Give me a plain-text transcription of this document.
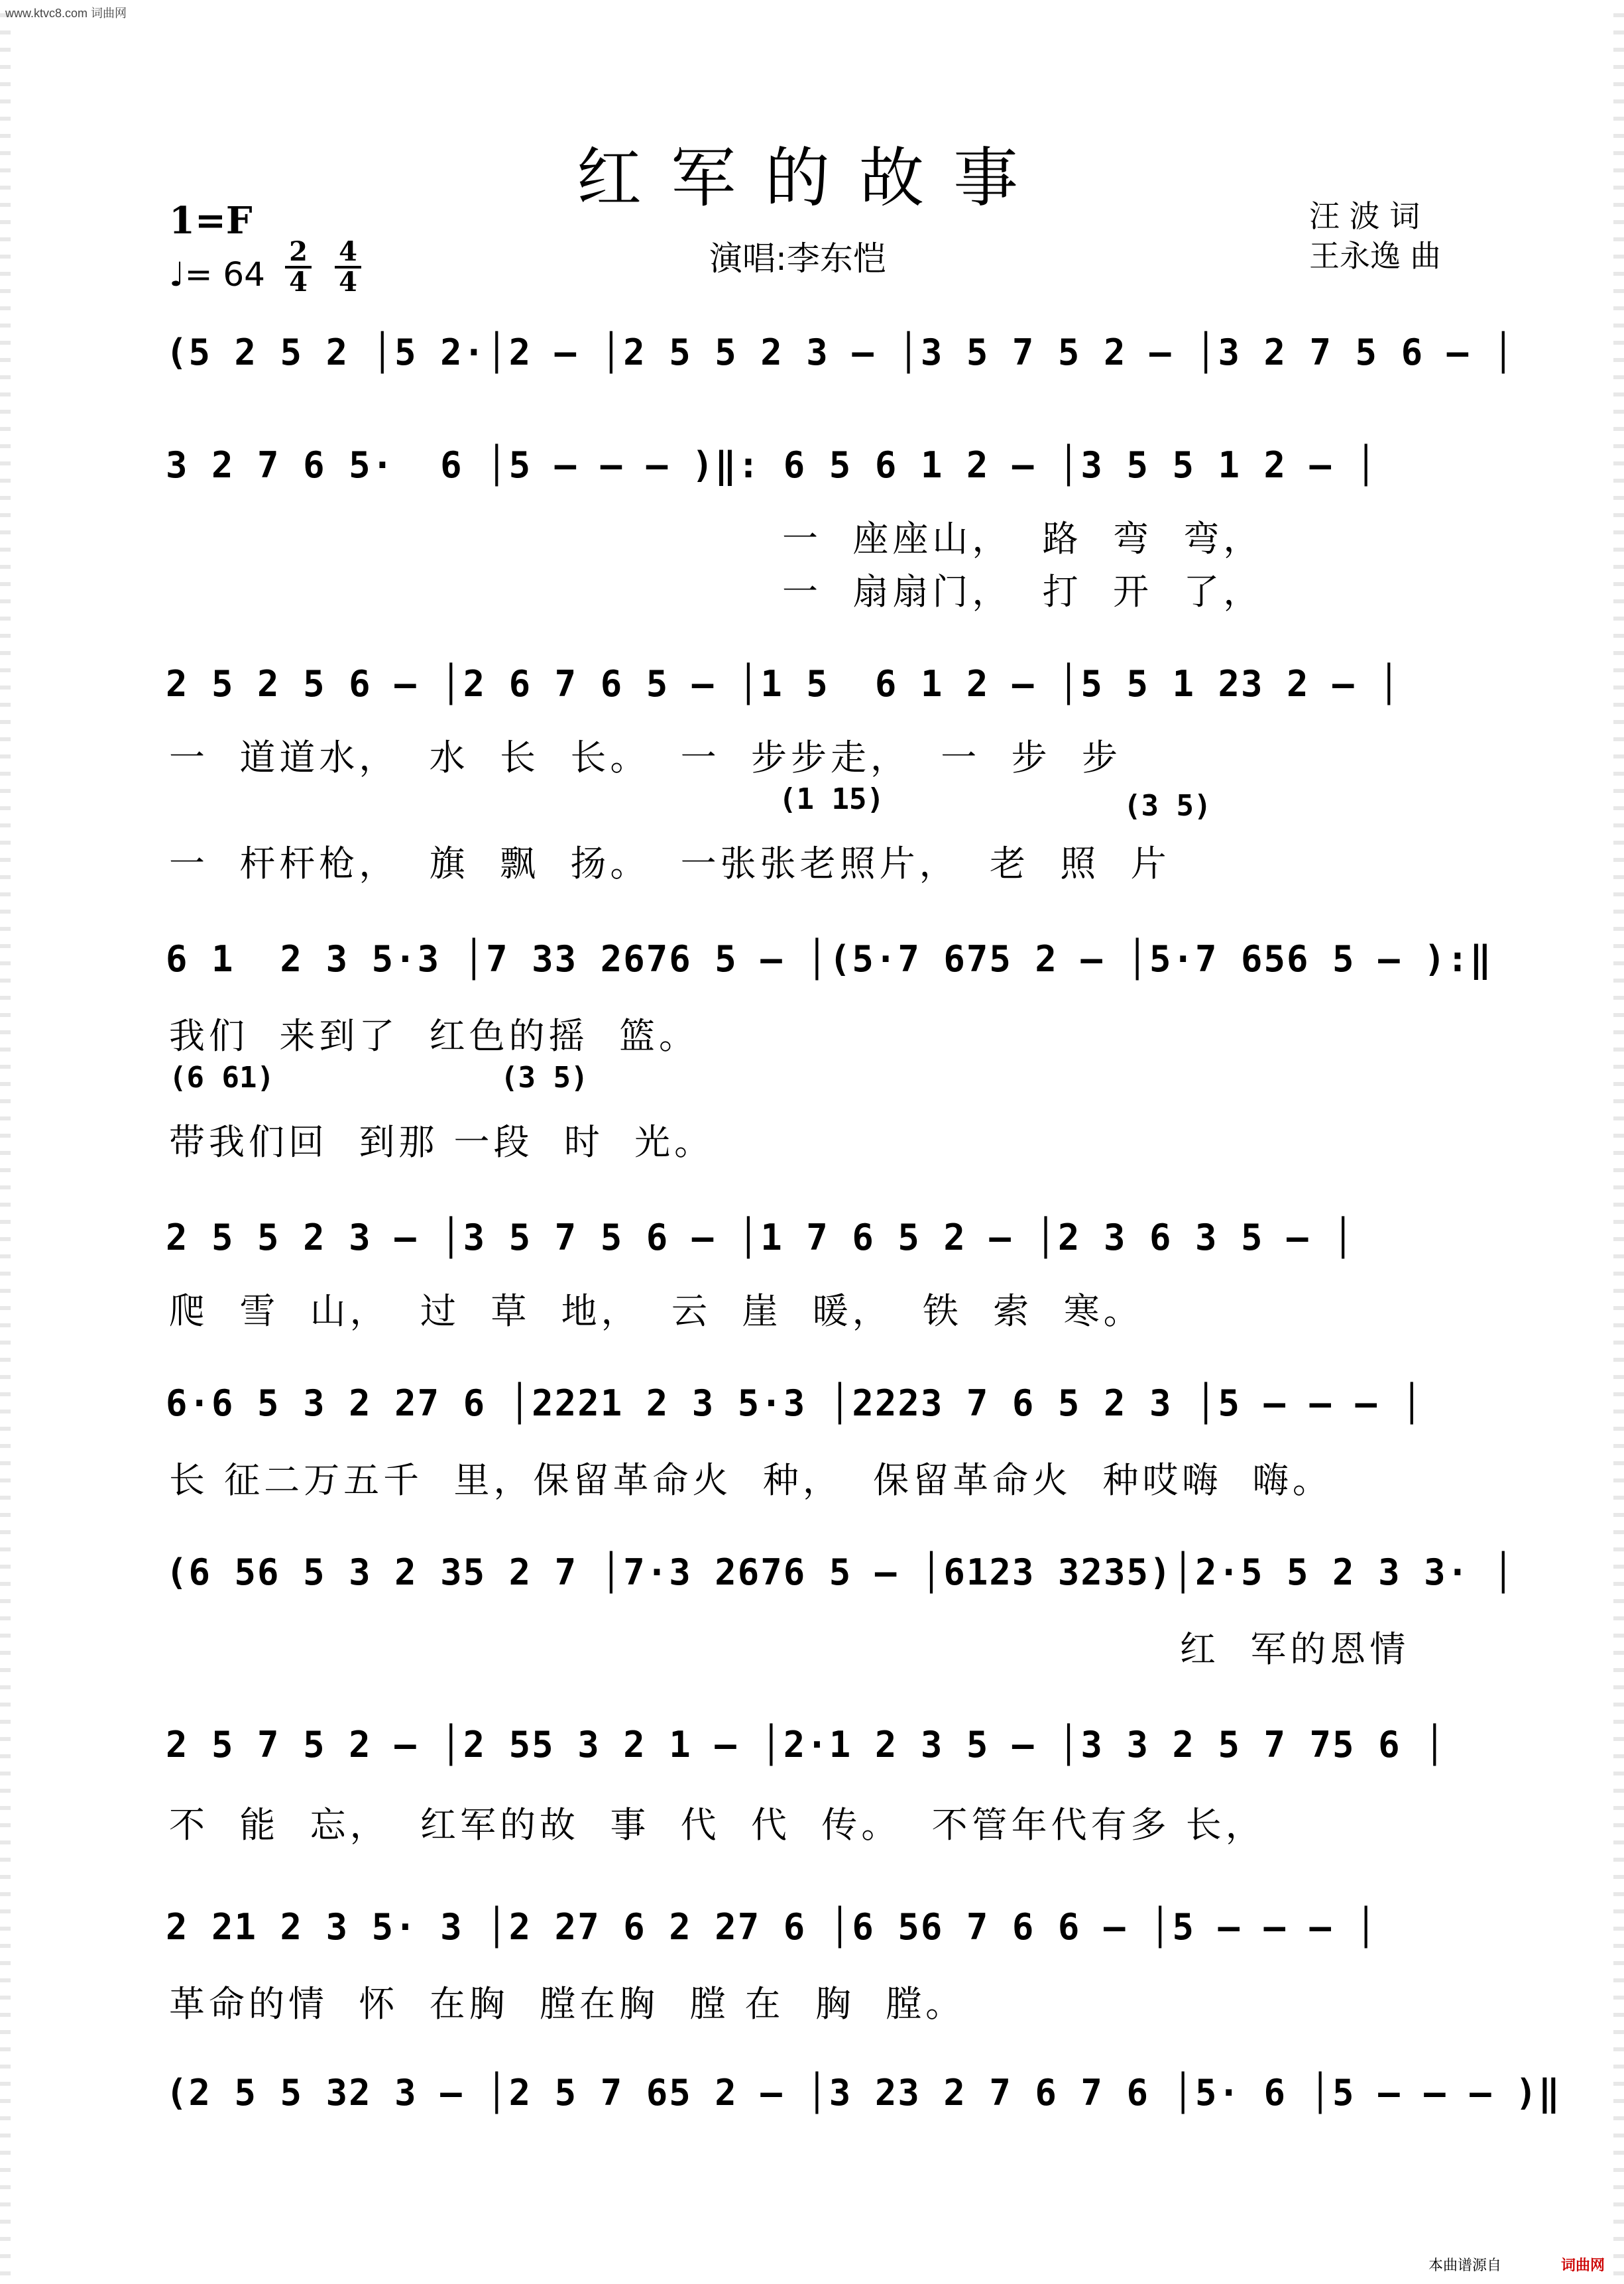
www.ktvc8.com 词曲网
红军的故事
演唱:李东恺
汪 波 词
王永逸 曲
1=F

2
4

4
4

♩= 64
(5 2 5 2 │5 2·│2 – │2 5 5 2 3 – │3 5 7 5 2 – │3 2 7 5 6 – │
3 2 7 6 5·  6 │5 – – – )‖: 6 5 6 1 2 – │3 5 5 1 2 – │
一  座座山，  路  弯  弯，
一  扇扇门，  打  开  了，
2 5 2 5 6 – │2 6 7 6 5 – │1 5  6 1 2 – │5 5 1 23 2 – │
一  道道水，  水  长  长。  一  步步走，  一  步  步
(1 15)	(3 5)
一  杆杆枪，  旗  飘  扬。  一张张老照片，  老  照  片
6 1  2 3 5·3 │7 33 2676 5 – │(5·7 675 2 – │5·7 656 5 – ):‖
我们  来到了  红色的摇  篮。
(6 61)	(3 5)
带我们回  到那 一段  时  光。
2 5 5 2 3 – │3 5 7 5 6 – │1 7 6 5 2 – │2 3 6 3 5 – │
爬  雪  山，  过  草  地，  云  崖  暖，  铁  索  寒。
6·6 5 3 2 27 6 │2221 2 3 5·3 │2223 7 6 5 2 3 │5 – – – │
长 征二万五千  里，保留革命火  种，  保留革命火  种哎嗨  嗨。
(6 56 5 3 2 35 2 7 │7·3 2676 5 – │6123 3235)│2·5 5 2 3 3· │
红  军的恩情
2 5 7 5 2 – │2 55 3 2 1 – │2·1 2 3 5 – │3 3 2 5 7 75 6 │
不  能  忘，  红军的故  事  代  代  传。  不管年代有多 长，
2 21 2 3 5· 3 │2 27 6 2 27 6 │6 56 7 6 6 – │5 – – – │
革命的情  怀  在胸  膛在胸  膛 在  胸  膛。
(2 5 5 32 3 – │2 5 7 65 2 – │3 23 2 7 6 7 6 │5· 6 │5 – – – )‖
本曲谱源自	词曲网
